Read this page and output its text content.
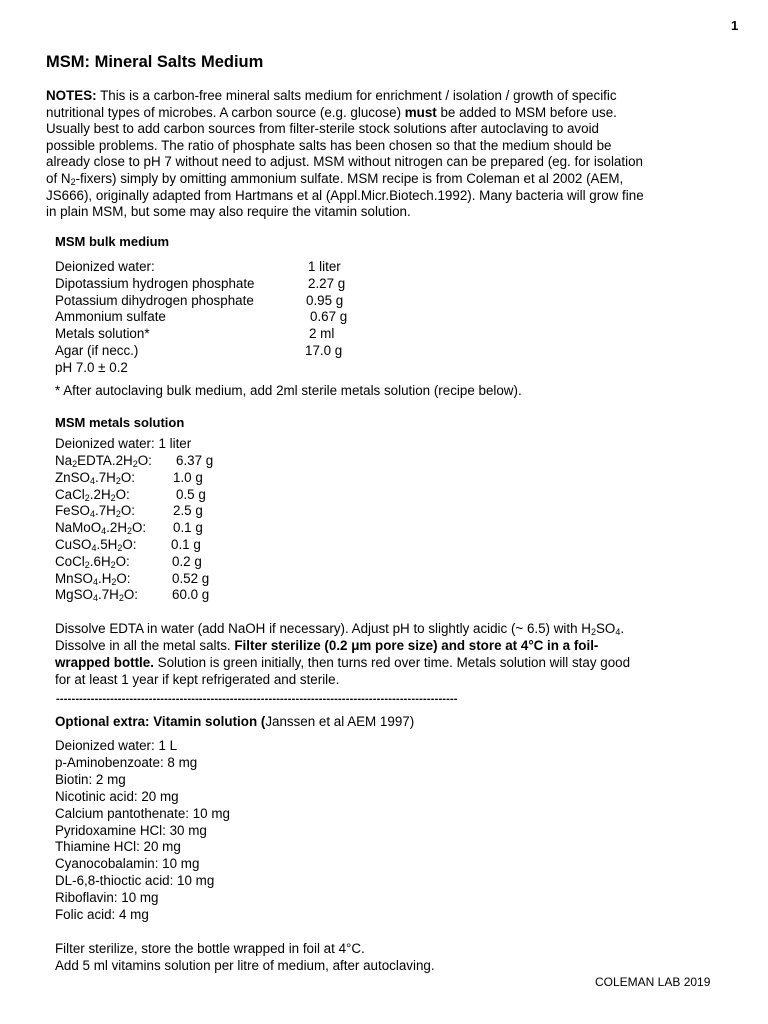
1
MSM: Mineral Salts Medium
NOTES: This is a carbon-free mineral salts medium for enrichment / isolation / growth of specific
nutritional types of microbes. A carbon source (e.g. glucose) must be added to MSM before use.
Usually best to add carbon sources from filter-sterile stock solutions after autoclaving to avoid
possible problems. The ratio of phosphate salts has been chosen so that the medium should be
already close to pH 7 without need to adjust. MSM without nitrogen can be prepared (eg. for isolation
of $N_2-fixers$) simply by omitting ammonium sulfate. MSM recipe is from Coleman et al 2002 (AEM,
JS666), originally adapted from Hartmans et al (Appl.Micr.Biotech.1992). Many bacteria will grow fine
in plain MSM, but some may also require the vitamin solution.
MSM bulk medium
Deionized water:	1 liter
Dipotassium hydrogen phosphate	2.27 g
Potassium dihydrogen phosphate	0.95 g
Ammonium sulfate	0.67 g
Metals solution*	2 ml
Agar (if necc.)	17.0 g
pH 7.0 ± 0.2
* After autoclaving bulk medium, add 2ml sterile metals solution (recipe below).
MSM metals solution
Deionized water: 1 liter
$Na_2EDTA.2H_2O$: 6.37 g
$ZnSO_4.7H_2O$:	1.0 g
$CaCl_2.2H_2O$:	0.5 g
$FeSO_4.7H_2O$:	2.5 g
$NaMoO_4.2H_2O$: 0.1 g
$CuSO_4.5H_2O$:	0.1 g
$CoCl_2.6H_2O$:	0.2 g
$MnSO_4.H_2O$:	0.52 g
$MgSO_4.7H_2O$:	60.0 g
Dissolve EDTA in water (add NaOH if necessary). Adjust pH to slightly acidic (~ 6.5) with $H_2SO_4$.
Dissolve in all the metal salts. Filter sterilize (0.2 μm pore size) and store at 4°C in a foil-
wrapped bottle. Solution is green initially, then turns red over time. Metals solution will stay good
for at least 1 year if kept refrigerated and sterile.
--------------------------------------------------------------------------------------------------------
Optional extra: Vitamin solution (Janssen et al AEM 1997)
Deionized water: 1 L
p-Aminobenzoate: 8 mg
Biotin: 2 mg
Nicotinic acid: 20 mg
Calcium pantothenate: 10 mg
Pyridoxamine HCl: 30 mg
Thiamine HCl: 20 mg
Cyanocobalamin: 10 mg
DL-6,8-thioctic acid: 10 mg
Riboflavin: 10 mg
Folic acid: 4 mg
Filter sterilize, store the bottle wrapped in foil at 4°C.
Add 5 ml vitamins solution per litre of medium, after autoclaving.
COLEMAN LAB 2019
